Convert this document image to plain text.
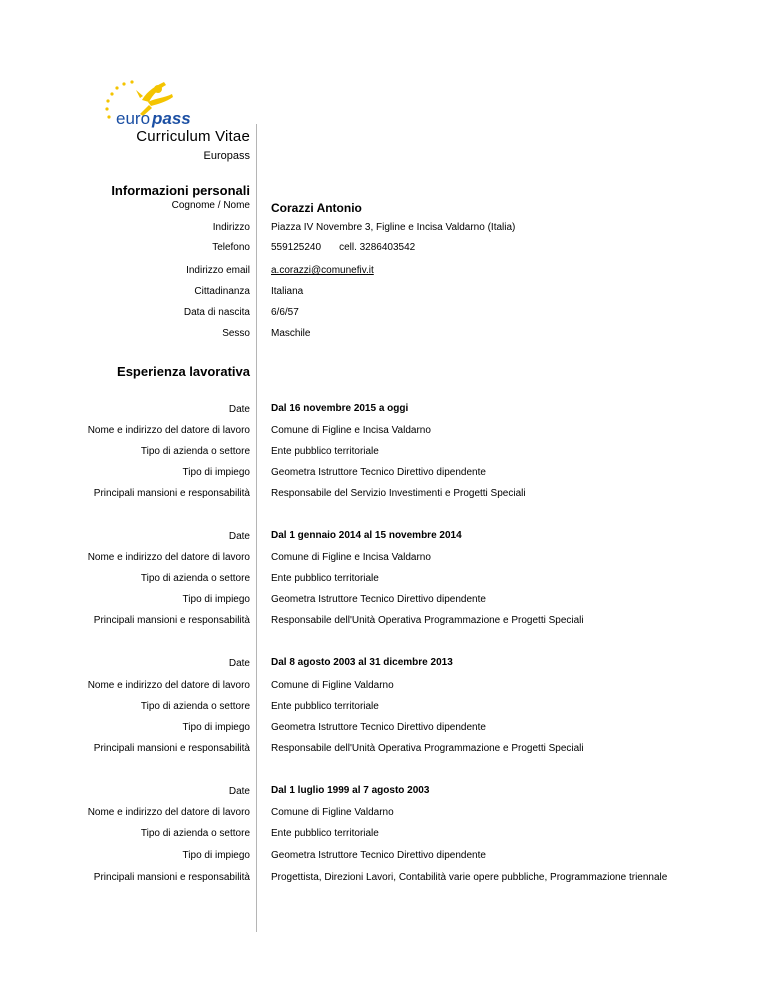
euro pass
Curriculum Vitae
Europass
Informazioni personali
Cognome / Nome Corazzi Antonio
Indirizzo Piazza IV Novembre 3, Figline e Incisa Valdarno (Italia)
Telefono 559125240 cell. 3286403542
Indirizzo email a.corazzi@comunefiv.it
Cittadinanza Italiana
Data di nascita 6/6/57
Sesso Maschile
Esperienza lavorativa
Date Dal 16 novembre 2015 a oggi
Nome e indirizzo del datore di lavoro Comune di Figline e Incisa Valdarno
Tipo di azienda o settore Ente pubblico territoriale
Tipo di impiego Geometra Istruttore Tecnico Direttivo dipendente
Principali mansioni e responsabilità Responsabile del Servizio Investimenti e Progetti Speciali
Date Dal 1 gennaio 2014 al 15 novembre 2014
Nome e indirizzo del datore di lavoro Comune di Figline e Incisa Valdarno
Tipo di azienda o settore Ente pubblico territoriale
Tipo di impiego Geometra Istruttore Tecnico Direttivo dipendente
Principali mansioni e responsabilità Responsabile dell'Unità Operativa Programmazione e Progetti Speciali
Date Dal 8 agosto 2003 al 31 dicembre 2013
Nome e indirizzo del datore di lavoro Comune di Figline Valdarno
Tipo di azienda o settore Ente pubblico territoriale
Tipo di impiego Geometra Istruttore Tecnico Direttivo dipendente
Principali mansioni e responsabilità Responsabile dell'Unità Operativa Programmazione e Progetti Speciali
Date Dal 1 luglio 1999 al 7 agosto 2003
Nome e indirizzo del datore di lavoro Comune di Figline Valdarno
Tipo di azienda o settore Ente pubblico territoriale
Tipo di impiego Geometra Istruttore Tecnico Direttivo dipendente
Principali mansioni e responsabilità Progettista, Direzioni Lavori, Contabilità varie opere pubbliche, Programmazione triennale
